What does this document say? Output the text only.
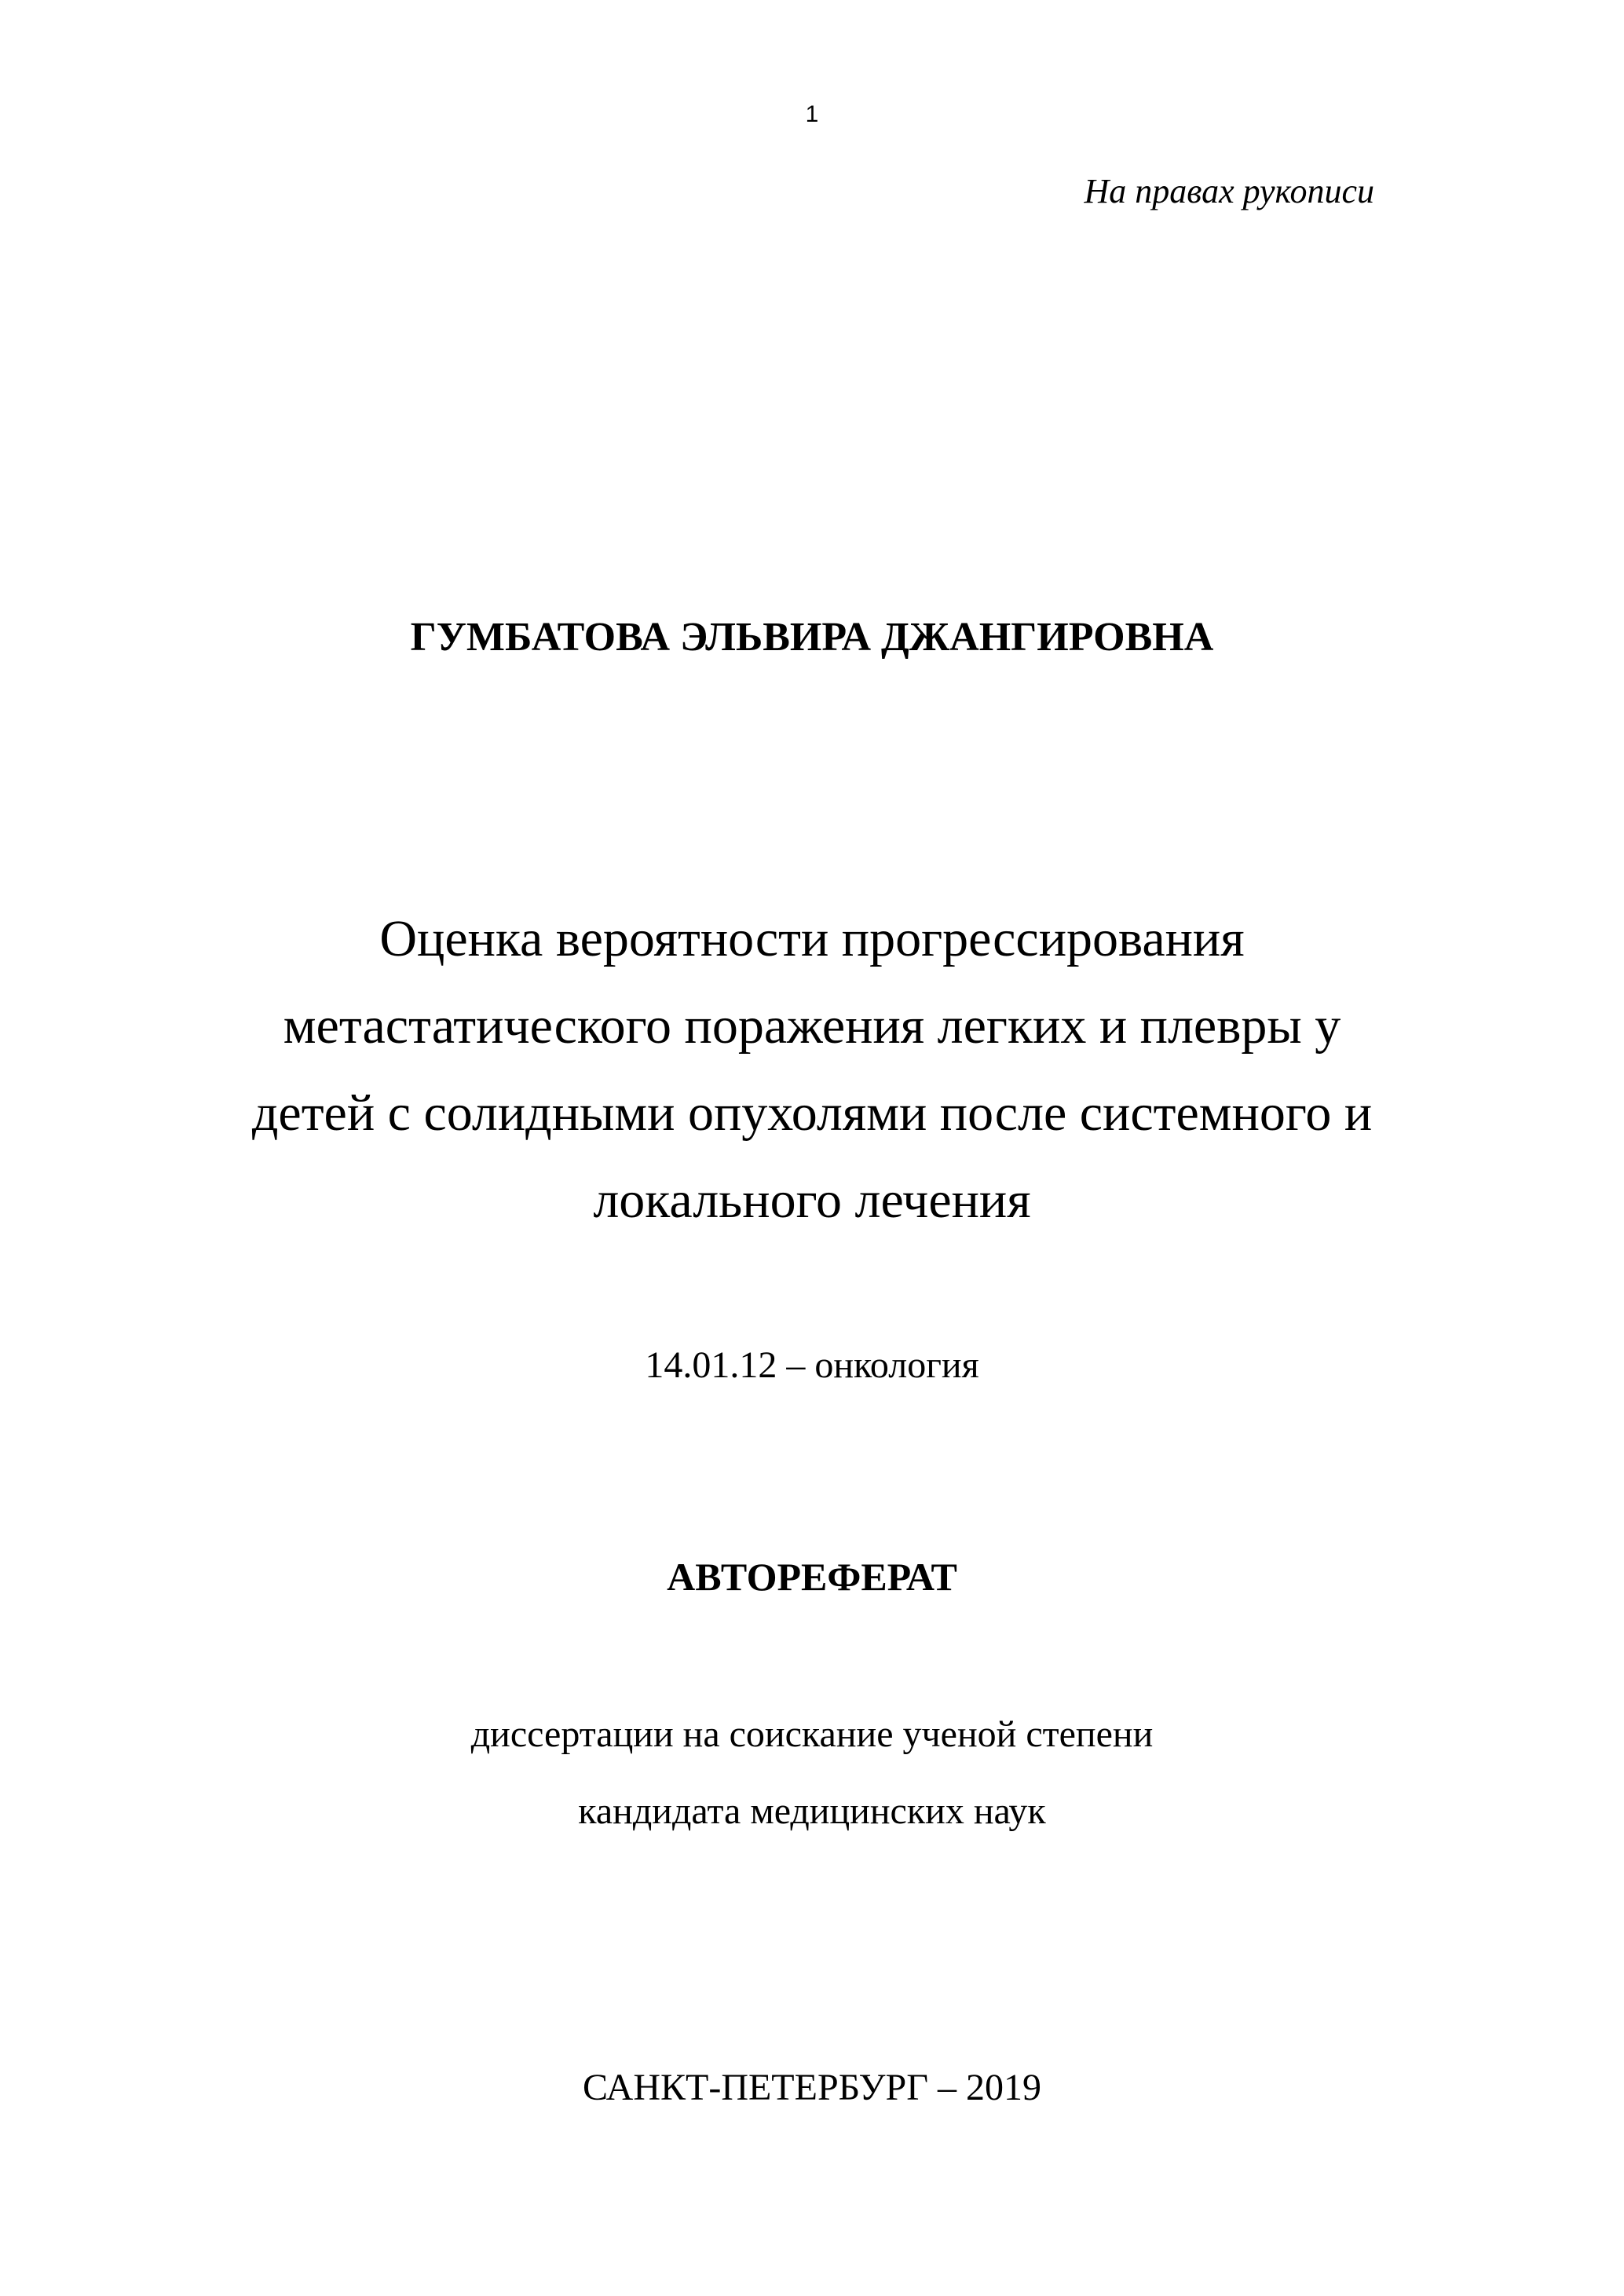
1
На правах рукописи
ГУМБАТОВА ЭЛЬВИРА ДЖАНГИРОВНА
Оценка вероятности прогрессирования
метастатического поражения легких и плевры у
детей с солидными опухолями после системного и
локального лечения
14.01.12 – онкология
АВТОРЕФЕРАТ
диссертации на соискание ученой степени
кандидата медицинских наук
САНКТ-ПЕТЕРБУРГ – 2019
